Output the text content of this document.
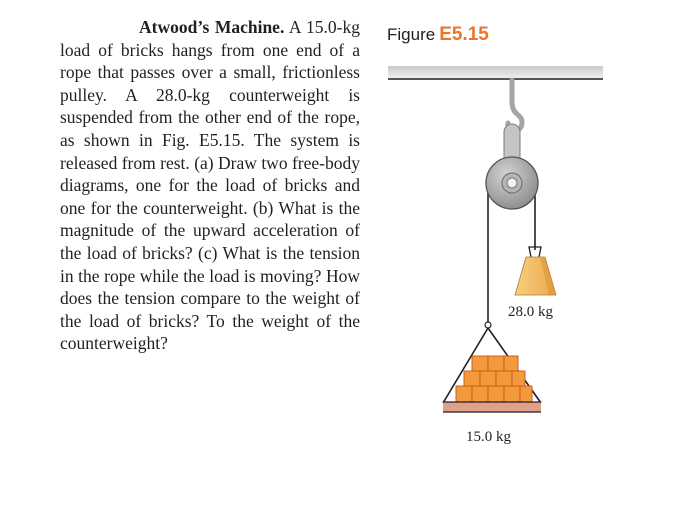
Atwood’s Machine. A 15.0-kg load of bricks hangs from one end of a rope that passes over a small, frictionless pulley. A 28.0-kg counterweight is suspended from the other end of the rope, as shown in Fig. E5.15. The system is released from rest. (a) Draw two free-body diagrams, one for the load of bricks and one for the counterweight. (b) What is the magnitude of the upward acceleration of the load of bricks? (c) What is the tension in the rope while the load is moving? How does the tension compare to the weight of the load of bricks? To the weight of the counterweight?
Figure E5.15
28.0 kg
15.0 kg
